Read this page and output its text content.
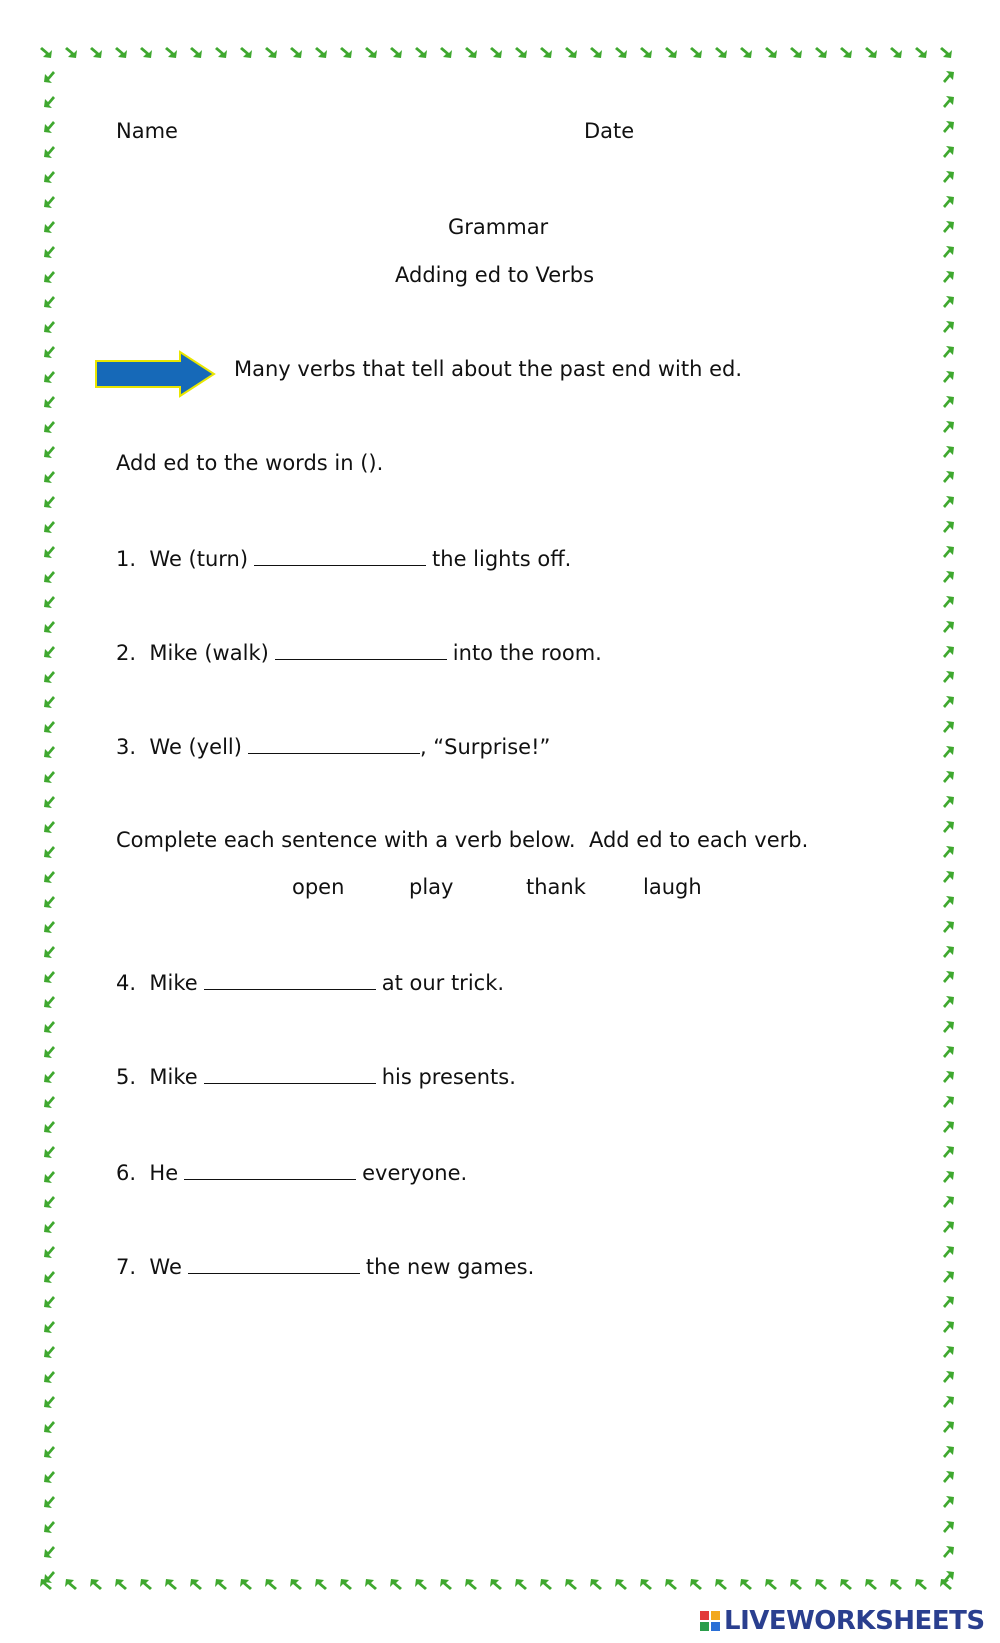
Name	Date
Grammar
Adding ed to Verbs
Many verbs that tell about the past end with ed.
Add ed to the words in ().
1. We (turn)	the lights off.
2. Mike (walk)	into the room.
3. We (yell)	, “Surprise!”
Complete each sentence with a verb below.  Add ed to each verb.
open	play	thank	laugh
4. Mike	at our trick.
5. Mike	his presents.
6. He	everyone.
7. We	the new games.
LIVEWORKSHEETS
